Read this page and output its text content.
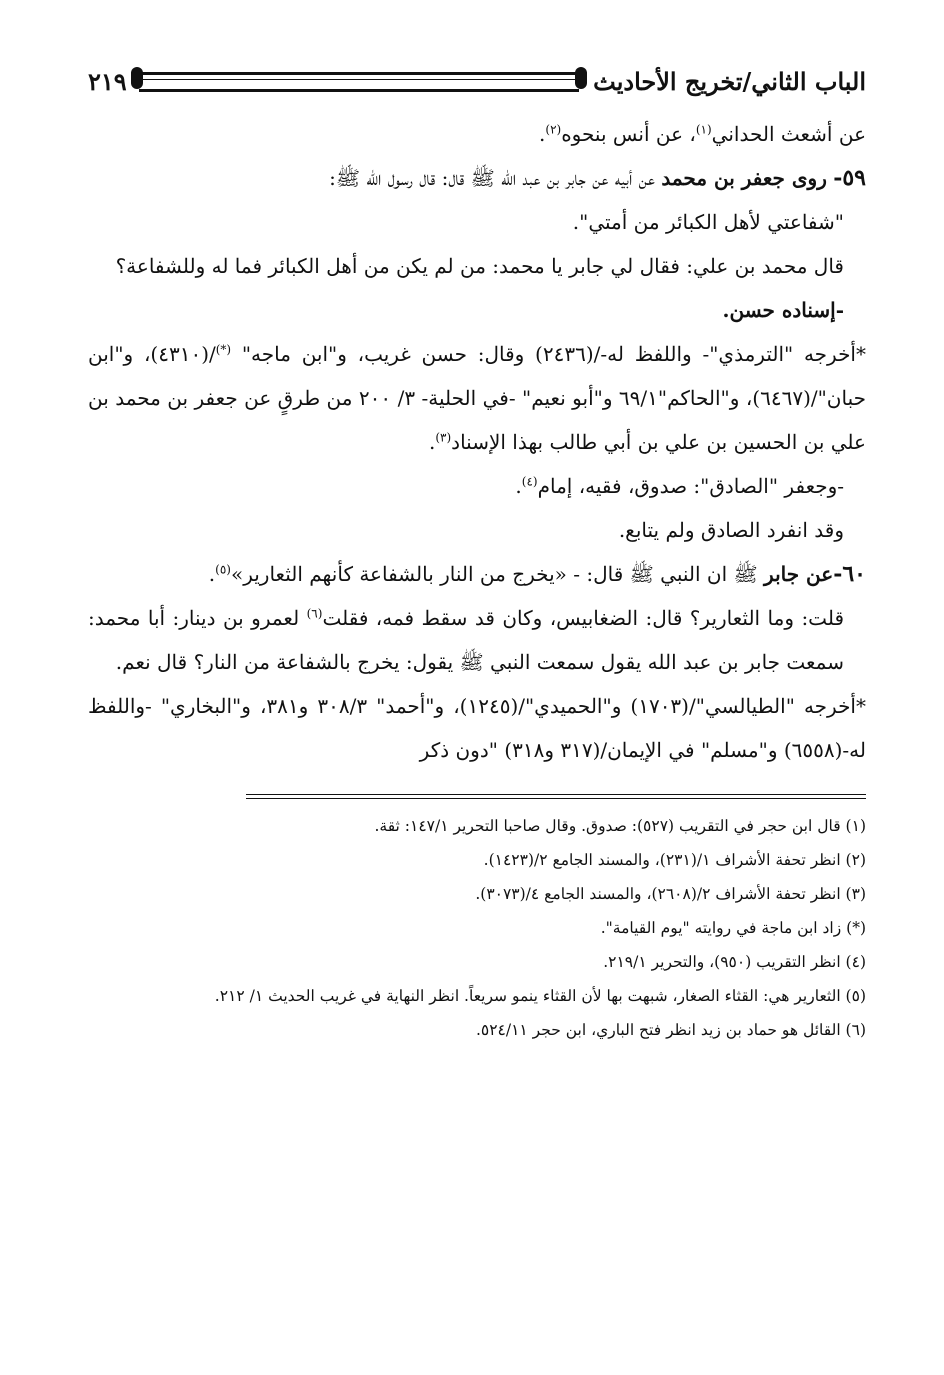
الباب الثاني/تخريج الأحاديث
٢١٩

عن أشعث الحداني$^{(١)}$، عن أنس بنحوه$^{(٢)}$.

٥٩- روى جعفر بن محمد عن أبيه عن جابر بن عبد الله ﷺ قال: قال رسول الله ﷺ:

"شفاعتي لأهل الكبائر من أمتي".

قال محمد بن علي: فقال لي جابر يا محمد: من لم يكن من أهل الكبائر فما له وللشفاعة؟

-إسناده حسن.

*أخرجه "الترمذي"- واللفظ له-/(٢٤٣٦) وقال: حسن غريب، و"ابن ماجه" (*)/(٤٣١٠)، و"ابن حبان"/(٦٤٦٧)، و"الحاكم"٦٩/١ و"أبو نعيم" -في الحلية- ٣/ ٢٠٠ من طرقٍ عن جعفر بن محمد بن علي بن الحسين بن علي بن أبي طالب بهذا الإسناد$^{(٣)}$.

-وجعفر "الصادق": صدوق، فقيه، إمام$^{(٤)}$.

وقد انفرد الصادق ولم يتابع.

٦٠-عن جابر ﷺ ان النبي ﷺ قال: - «يخرج من النار بالشفاعة كأنهم الثعارير»$^{(٥)}$.

قلت: وما الثعارير؟ قال: الضغابيس، وكان قد سقط فمه، فقلت$^{(٦)}$ لعمرو بن دينار: أبا محمد: سمعت جابر بن عبد الله يقول سمعت النبي ﷺ يقول: يخرج بالشفاعة من النار؟ قال نعم.

*أخرجه "الطيالسي"/(١٧٠٣) و"الحميدي"/(١٢٤٥)، و"أحمد" ٣٠٨/٣ و٣٨١، و"البخاري" -واللفظ له-(٦٥٥٨) و"مسلم" في الإيمان/(٣١٧ و٣١٨) "دون ذكر

(١) قال ابن حجر في التقريب (٥٢٧): صدوق. وقال صاحبا التحرير ١٤٧/١: ثقة.

(٢) انظر تحفة الأشراف ١/(٢٣١)، والمسند الجامع ٢/(١٤٢٣).

(٣) انظر تحفة الأشراف ٢/(٢٦٠٨)، والمسند الجامع ٤/(٣٠٧٣).

(*) زاد ابن ماجة في روايته "يوم القيامة".

(٤) انظر التقريب (٩٥٠)، والتحرير ٢١٩/١.

(٥) الثعارير هي: القثاء الصغار، شبهت بها لأن القثاء ينمو سريعاً. انظر النهاية في غريب الحديث ١/ ٢١٢.

(٦) القائل هو حماد بن زيد انظر فتح الباري، ابن حجر ٥٢٤/١١.
